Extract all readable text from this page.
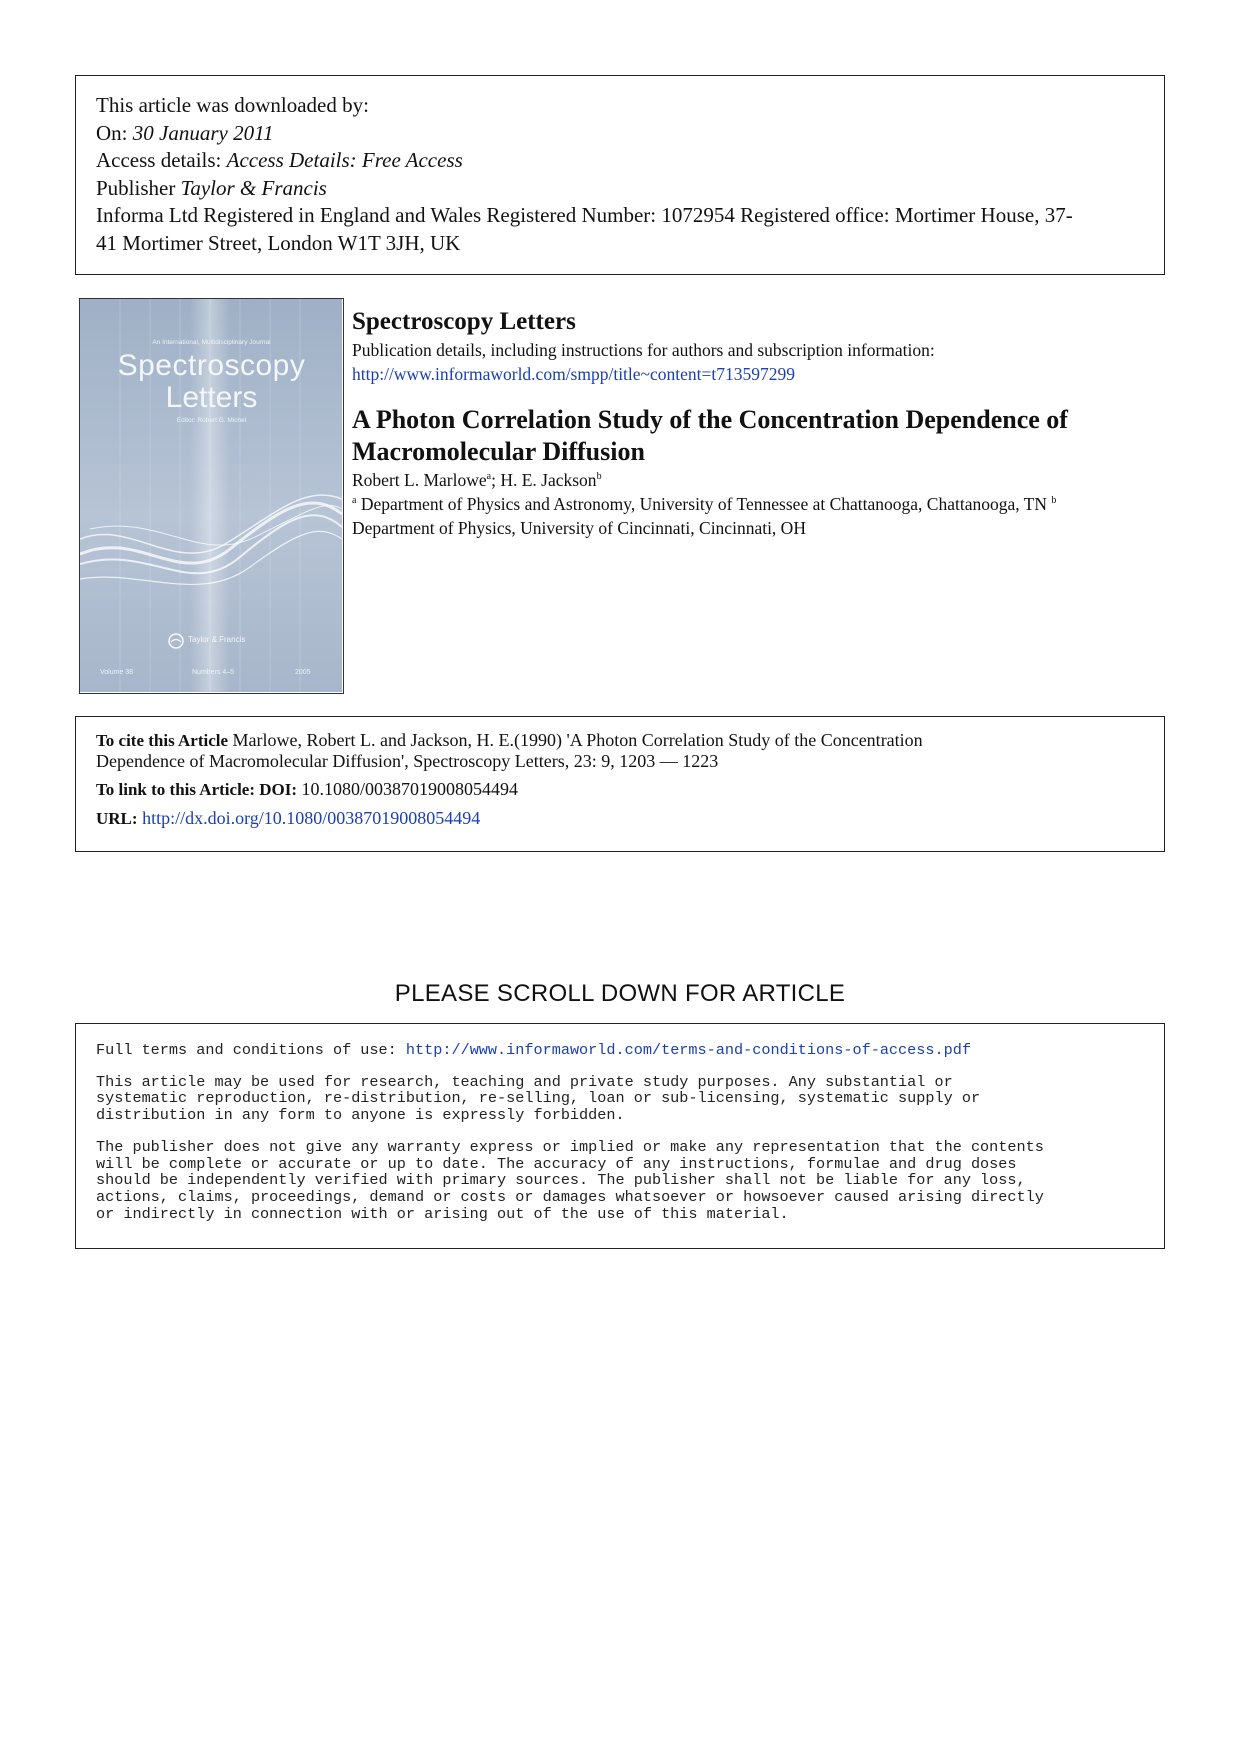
This article was downloaded by:
On: 30 January 2011
Access details: Access Details: Free Access
Publisher Taylor & Francis
Informa Ltd Registered in England and Wales Registered Number: 1072954 Registered office: Mortimer House, 37-
41 Mortimer Street, London W1T 3JH, UK
An International, Multidisciplinary Journal
Spectroscopy
Letters
Editor: Robert G. Michel
Taylor & Francis
Volume 38	Numbers 4–5	2005
Spectroscopy Letters
Publication details, including instructions for authors and subscription information:
http://www.informaworld.com/smpp/title~content=t713597299
A Photon Correlation Study of the Concentration Dependence of
Macromolecular Diffusion
Robert L. Marlowe$^a$; H. E. Jackson$^b$
$^a$ Department of Physics and Astronomy, University of Tennessee at Chattanooga, Chattanooga, TN $^b$
Department of Physics, University of Cincinnati, Cincinnati, OH
To cite this Article Marlowe, Robert L. and Jackson, H. E.(1990) 'A Photon Correlation Study of the Concentration
Dependence of Macromolecular Diffusion', Spectroscopy Letters, 23: 9, 1203 — 1223
To link to this Article: DOI: 10.1080/00387019008054494
URL: http://dx.doi.org/10.1080/00387019008054494
PLEASE SCROLL DOWN FOR ARTICLE

Full terms and conditions of use: http://www.informaworld.com/terms-and-conditions-of-access.pdf

This article may be used for research, teaching and private study purposes. Any substantial or
systematic reproduction, re-distribution, re-selling, loan or sub-licensing, systematic supply or
distribution in any form to anyone is expressly forbidden.

The publisher does not give any warranty express or implied or make any representation that the contents
will be complete or accurate or up to date. The accuracy of any instructions, formulae and drug doses
should be independently verified with primary sources. The publisher shall not be liable for any loss,
actions, claims, proceedings, demand or costs or damages whatsoever or howsoever caused arising directly
or indirectly in connection with or arising out of the use of this material.
